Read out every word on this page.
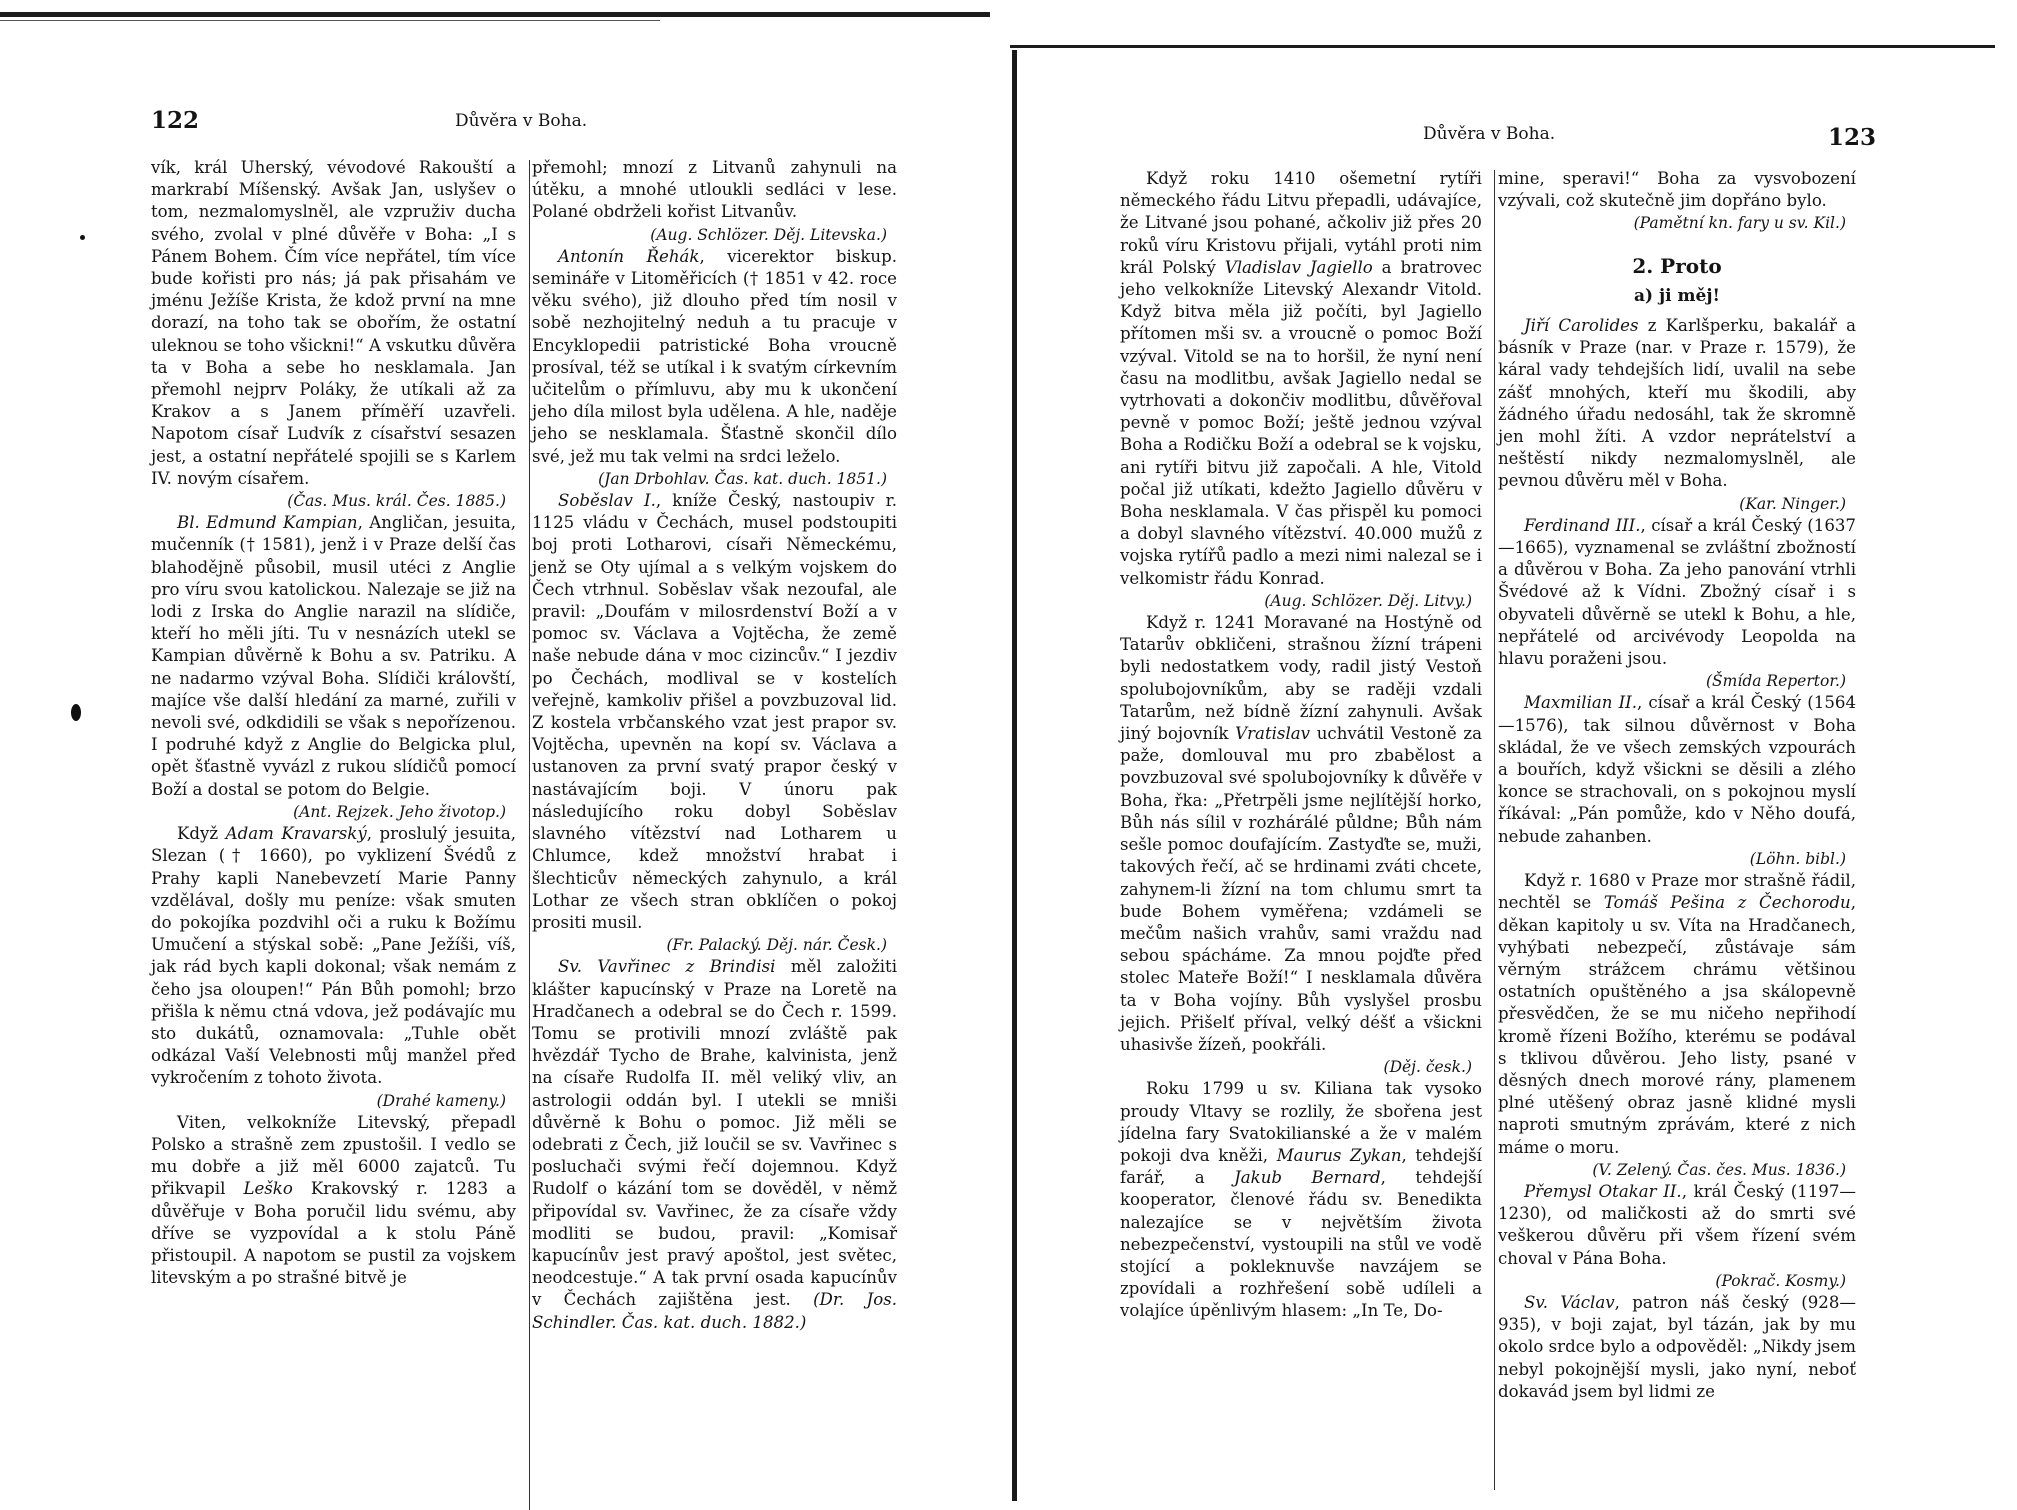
122	Důvěra v Boha.

vík, král Uherský, vévodové Rakouští a markrabí Míšenský. Avšak Jan, uslyšev o tom, nezmalomyslněl, ale vzpruživ ducha svého, zvolal v plné důvěře v Boha: „I s Pánem Bohem. Čím více nepřátel, tím více bude kořisti pro nás; já pak přisahám ve jménu Ježíše Krista, že kdož první na mne dorazí, na toho tak se obořím, že ostatní uleknou se toho všickni!“ A vskutku důvěra ta v Boha a sebe ho nesklamala. Jan přemohl nejprv Poláky, že utíkali až za Krakov a s Janem příměří uzavřeli. Napotom císař Ludvík z císařství sesazen jest, a ostatní nepřátelé spojili se s Karlem IV. novým císařem.

(Čas. Mus. král. Čes. 1885.)

Bl. Edmund Kampian, Angličan, jesuita, mučenník († 1581), jenž i v Praze delší čas blahodějně působil, musil utéci z Anglie pro víru svou katolickou. Nalezaje se již na lodi z Irska do Anglie narazil na slídiče, kteří ho měli jíti. Tu v nesnázích utekl se Kampian důvěrně k Bohu a sv. Patriku. A ne nadarmo vzýval Boha. Slídiči královští, majíce vše další hledání za marné, zuřili v nevoli své, odkdidili se však s nepořízenou. I podruhé když z Anglie do Belgicka plul, opět šťastně vyvázl z rukou slídičů pomocí Boží a dostal se potom do Belgie.

(Ant. Rejzek. Jeho životop.)

Když Adam Kravarský, proslulý jesuita, Slezan († 1660), po vyklizení Švédů z Prahy kapli Nanebevzetí Marie Panny vzdělával, došly mu peníze: však smuten do pokojíka pozdvihl oči a ruku k Božímu Umučení a stýskal sobě: „Pane Ježíši, víš, jak rád bych kapli dokonal; však nemám z čeho jsa oloupen!“ Pán Bůh pomohl; brzo přišla k němu ctná vdova, jež podávajíc mu sto dukátů, oznamovala: „Tuhle obět odkázal Vaší Velebnosti můj manžel před vykročením z tohoto života.

(Drahé kameny.)

Viten, velkokníže Litevský, přepadl Polsko a strašně zem zpustošil. I vedlo se mu dobře a již měl 6000 zajatců. Tu přikvapil Leško Krakovský r. 1283 a důvěřuje v Boha poručil lidu svému, aby dříve se vyzpovídal a k stolu Páně přistoupil. A napotom se pustil za vojskem litevským a po strašné bitvě je

přemohl; mnozí z Litvanů zahynuli na útěku, a mnohé utloukli sedláci v lese. Polané obdrželi kořist Litvanův.

(Aug. Schlözer. Děj. Litevska.)

Antonín Řehák, vicerektor biskup. semináře v Litoměřicích († 1851 v 42. roce věku svého), již dlouho před tím nosil v sobě nezhojitelný neduh a tu pracuje v Encyklopedii patristické Boha vroucně prosíval, též se utíkal i k svatým církevním učitelům o přímluvu, aby mu k ukončení jeho díla milost byla udělena. A hle, naděje jeho se nesklamala. Šťastně skončil dílo své, jež mu tak velmi na srdci leželo.

(Jan Drbohlav. Čas. kat. duch. 1851.)

Soběslav I., kníže Český, nastoupiv r. 1125 vládu v Čechách, musel podstoupiti boj proti Lotharovi, císaři Německému, jenž se Oty ujímal a s velkým vojskem do Čech vtrhnul. Soběslav však nezoufal, ale pravil: „Doufám v milosrdenství Boží a v pomoc sv. Václava a Vojtěcha, že země naše nebude dána v moc cizincův.“ I jezdiv po Čechách, modlival se v kostelích veřejně, kamkoliv přišel a povzbuzoval lid. Z kostela vrbčanského vzat jest prapor sv. Vojtěcha, upevněn na kopí sv. Václava a ustanoven za první svatý prapor český v nastávajícím boji. V únoru pak následujícího roku dobyl Soběslav slavného vítězství nad Lotharem u Chlumce, kdež množství hrabat i šlechticův německých zahynulo, a král Lothar ze všech stran obklíčen o pokoj prositi musil.

(Fr. Palacký. Děj. nár. Česk.)

Sv. Vavřinec z Brindisi měl založiti klášter kapucínský v Praze na Loretě na Hradčanech a odebral se do Čech r. 1599. Tomu se protivili mnozí zvláště pak hvězdář Tycho de Brahe, kalvinista, jenž na císaře Rudolfa II. měl veliký vliv, an astrologii oddán byl. I utekli se mniši důvěrně k Bohu o pomoc. Již měli se odebrati z Čech, již loučil se sv. Vavřinec s posluchači svými řečí dojemnou. Když Rudolf o kázání tom se dověděl, v němž připovídal sv. Vavřinec, že za císaře vždy modliti se budou, pravil: „Komisař kapucínův jest pravý apoštol, jest světec, neodcestuje.“ A tak první osada kapucínův v Čechách zajištěna jest. (Dr. Jos. Schindler. Čas. kat. duch. 1882.)

Důvěra v Boha.	123

Když roku 1410 ošemetní rytíři německého řádu Litvu přepadli, udávajíce, že Litvané jsou pohané, ačkoliv již přes 20 roků víru Kristovu přijali, vytáhl proti nim král Polský Vladislav Jagiello a bratrovec jeho velkokníže Litevský Alexandr Vitold. Když bitva měla již počíti, byl Jagiello přítomen mši sv. a vroucně o pomoc Boží vzýval. Vitold se na to horšil, že nyní není času na modlitbu, avšak Jagiello nedal se vytrhovati a dokončiv modlitbu, důvěřoval pevně v pomoc Boží; ještě jednou vzýval Boha a Rodičku Boží a odebral se k vojsku, ani rytíři bitvu již započali. A hle, Vitold počal již utíkati, kdežto Jagiello důvěru v Boha nesklamala. V čas přispěl ku pomoci a dobyl slavného vítězství. 40.000 mužů z vojska rytířů padlo a mezi nimi nalezal se i velkomistr řádu Konrad.

(Aug. Schlözer. Děj. Litvy.)

Když r. 1241 Moravané na Hostýně od Tatarův obkličeni, strašnou žízní trápeni byli nedostatkem vody, radil jistý Vestoň spolubojovníkům, aby se raději vzdali Tatarům, než bídně žízní zahynuli. Avšak jiný bojovník Vratislav uchvátil Vestoně za paže, domlouval mu pro zbabělost a povzbuzoval své spolubojovníky k důvěře v Boha, řka: „Přetrpěli jsme nejlítější horko, Bůh nás sílil v rozhárálé půldne; Bůh nám sešle pomoc doufajícím. Zastyďte se, muži, takových řečí, ač se hrdinami zváti chcete, zahynem-li žízní na tom chlumu smrt ta bude Bohem vyměřena; vzdámeli se mečům našich vrahův, sami vraždu nad sebou spácháme. Za mnou pojďte před stolec Mateře Boží!“ I nesklamala důvěra ta v Boha vojíny. Bůh vyslyšel prosbu jejich. Přišelť příval, velký déšť a všickni uhasivše žízeň, pookřáli.

(Děj. česk.)

Roku 1799 u sv. Kiliana tak vysoko proudy Vltavy se rozlily, že sbořena jest jídelna fary Svatokilianské a že v malém pokoji dva kněži, Maurus Zykan, tehdejší farář, a Jakub Bernard, tehdejší kooperator, členové řádu sv. Benedikta nalezajíce se v největším života nebezpečenství, vystoupili na stůl ve vodě stojící a pokleknuvše navzájem se zpovídali a rozhřešení sobě udíleli a volajíce úpěnlivým hlasem: „In Te, Do-

mine, speravi!“ Boha za vysvobození vzývali, což skutečně jim dopřáno bylo.

(Pamětní kn. fary u sv. Kil.)

2. Proto
a) ji měj!

Jiří Carolides z Karlšperku, bakalář a básník v Praze (nar. v Praze r. 1579), že káral vady tehdejších lidí, uvalil na sebe zášť mnohých, kteří mu škodili, aby žádného úřadu nedosáhl, tak že skromně jen mohl žíti. A vzdor neprátelství a neštěstí nikdy nezmalomyslněl, ale pevnou důvěru měl v Boha.

(Kar. Ninger.)

Ferdinand III., císař a král Český (1637—1665), vyznamenal se zvláštní zbožností a důvěrou v Boha. Za jeho panování vtrhli Švédové až k Vídni. Zbožný císař i s obyvateli důvěrně se utekl k Bohu, a hle, nepřátelé od arcivévody Leopolda na hlavu poraženi jsou.

(Šmída Repertor.)

Maxmilian II., císař a král Český (1564—1576), tak silnou důvěrnost v Boha skládal, že ve všech zemských vzpourách a bouřích, když všickni se děsili a zlého konce se strachovali, on s pokojnou myslí říkával: „Pán pomůže, kdo v Něho doufá, nebude zahanben.

(Löhn. bibl.)

Když r. 1680 v Praze mor strašně řádil, nechtěl se Tomáš Pešina z Čechorodu, děkan kapitoly u sv. Víta na Hradčanech, vyhýbati nebezpečí, zůstávaje sám věrným strážcem chrámu většinou ostatních opuštěného a jsa skálopevně přesvědčen, že se mu ničeho nepřihodí kromě řízeni Božího, kterému se podával s tklivou důvěrou. Jeho listy, psané v děsných dnech morové rány, plamenem plné utěšený obraz jasně klidné mysli naproti smutným zprávám, které z nich máme o moru.

(V. Zelený. Čas. čes. Mus. 1836.)

Přemysl Otakar II., král Český (1197—1230), od maličkosti až do smrti své veškerou důvěru při všem řízení svém choval v Pána Boha.

(Pokrač. Kosmy.)

Sv. Václav, patron náš český (928—935), v boji zajat, byl tázán, jak by mu okolo srdce bylo a odpověděl: „Nikdy jsem nebyl pokojnější mysli, jako nyní, neboť dokavád jsem byl lidmi ze
